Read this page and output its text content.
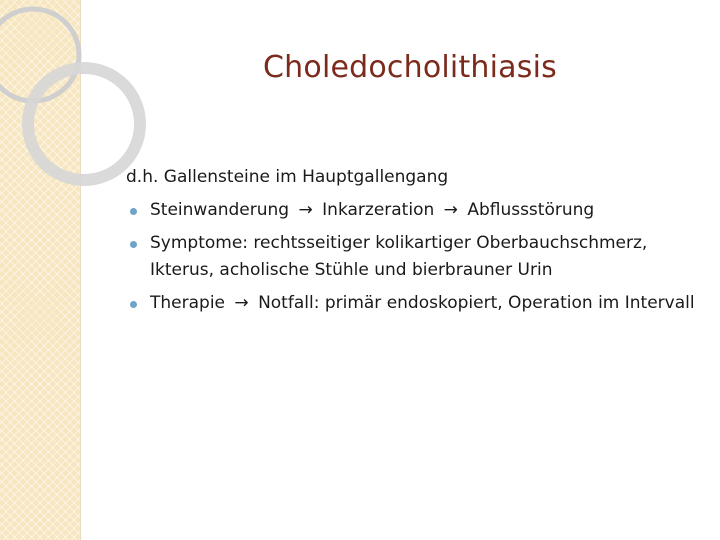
Choledocholithiasis

d.h. Gallensteine im Hauptgallengang

Steinwanderung → Inkarzeration → Abflussstörung
Symptome: rechtsseitiger kolikartiger Oberbauchschmerz, Ikterus, acholische Stühle und bierbrauner Urin
Therapie → Notfall: primär endoskopiert, Operation im Intervall
